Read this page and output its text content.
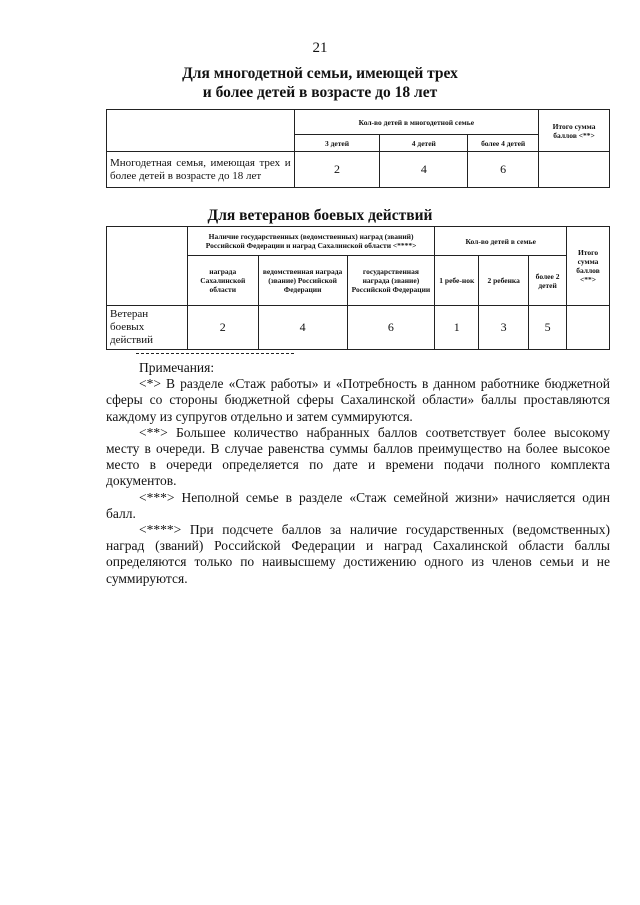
21
Для многодетной семьи, имеющей трех
и более детей в возрасте до 18 лет
	Кол-во детей в многодетной семье			Итого сумма баллов <**>
	3 детей	4 детей	более 4 детей	
Многодетная семья, имеющая трех и более детей в возрасте до 18 лет	2	4	6	
Для ветеранов боевых действий
	Наличие государственных (ведомственных) наград (званий) Российской Федерации и наград Сахалинской области <****>			Кол-во детей в семье			Итого сумма баллов <**>
	награда Сахалинской области	ведомственная награда (звание) Российской Федерации	государственная награда (звание) Российской Федерации	1 ребе-нок	2 ребенка	более 2 детей	
Ветеран боевых действий	2	4	6	1	3	5	

Примечания:

<*> В разделе «Стаж работы» и «Потребность в данном работнике бюджетной сферы со стороны бюджетной сферы Сахалинской области» баллы проставляются каждому из супругов отдельно и затем суммируются.

<**> Большее количество набранных баллов соответствует более высокому месту в очереди. В случае равенства суммы баллов преимущество на более высокое место в очереди определяется по дате и времени подачи полного комплекта документов.

<***> Неполной семье в разделе «Стаж семейной жизни» начисляется один балл.

<****> При подсчете баллов за наличие государственных (ведомственных) наград (званий) Российской Федерации и наград Сахалинской области баллы определяются только по наивысшему достижению одного из членов семьи и не суммируются.
